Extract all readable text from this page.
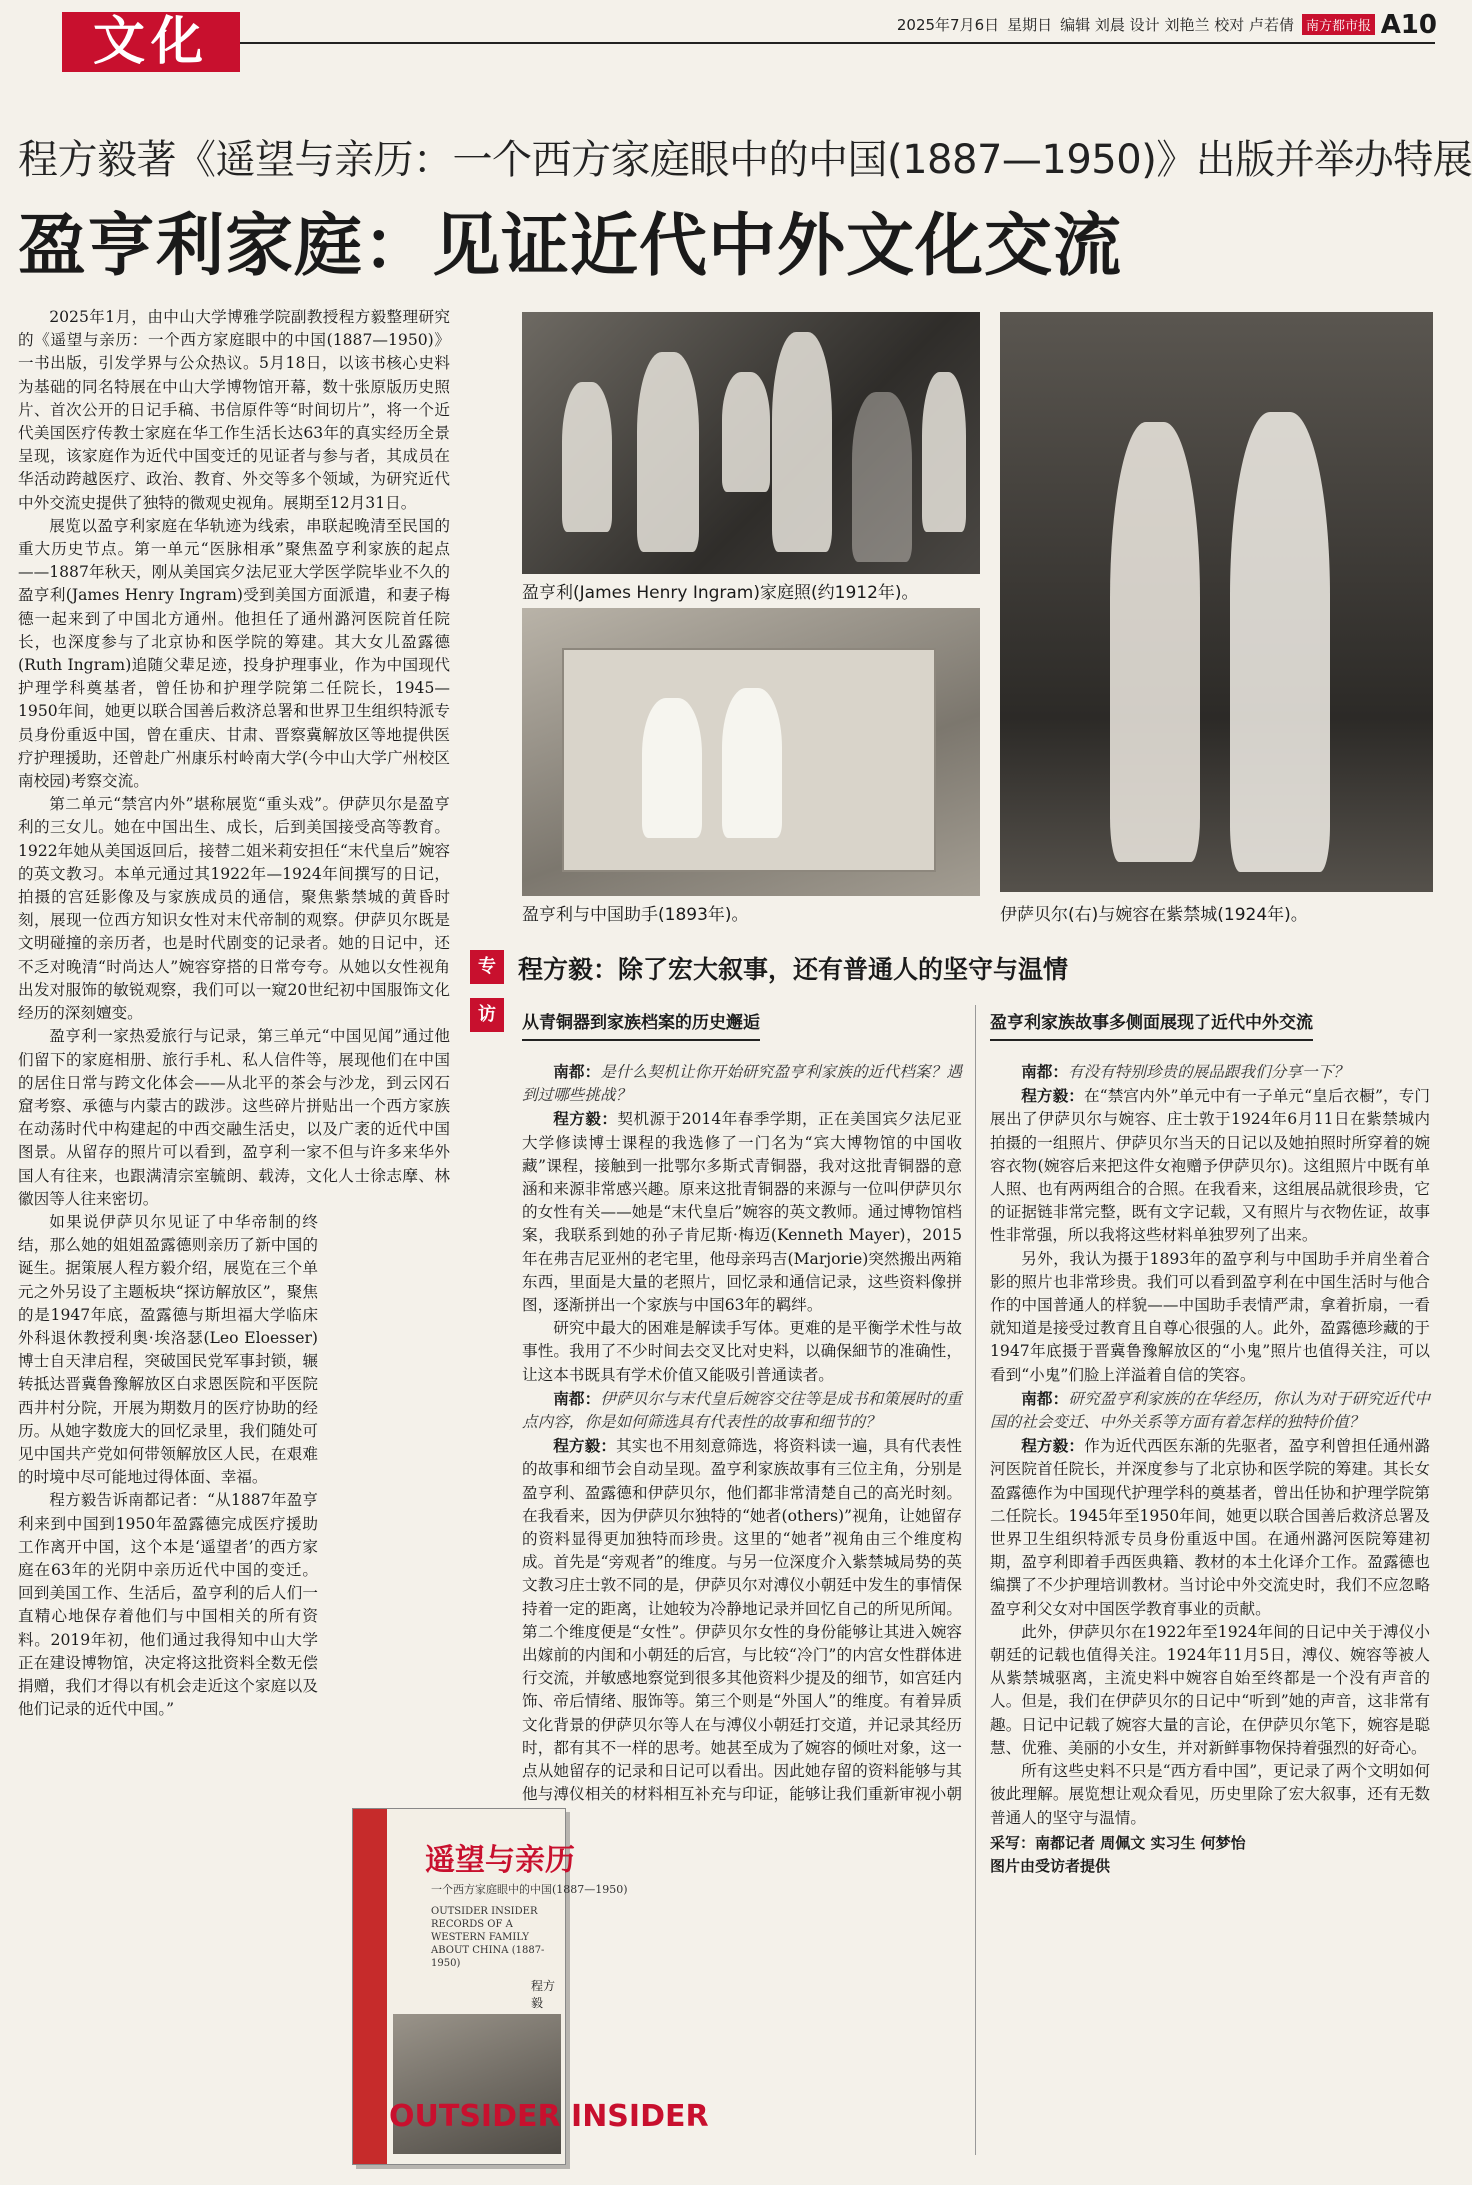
文化	2025年7月6日 星期日 编辑 刘晨 设计 刘艳兰 校对 卢若倩 南方都市报 A10
程方毅著《遥望与亲历：一个西方家庭眼中的中国(1887—1950)》出版并举办特展
盈亨利家庭：见证近代中外文化交流

2025年1月，由中山大学博雅学院副教授程方毅整理研究的《遥望与亲历：一个西方家庭眼中的中国(1887—1950)》一书出版，引发学界与公众热议。5月18日，以该书核心史料为基础的同名特展在中山大学博物馆开幕，数十张原版历史照片、首次公开的日记手稿、书信原件等“时间切片”，将一个近代美国医疗传教士家庭在华工作生活长达63年的真实经历全景呈现，该家庭作为近代中国变迁的见证者与参与者，其成员在华活动跨越医疗、政治、教育、外交等多个领域，为研究近代中外交流史提供了独特的微观史视角。展期至12月31日。

展览以盈亨利家庭在华轨迹为线索，串联起晚清至民国的重大历史节点。第一单元“医脉相承”聚焦盈亨利家族的起点——1887年秋天，刚从美国宾夕法尼亚大学医学院毕业不久的盈亨利(James Henry Ingram)受到美国方面派遣，和妻子梅德一起来到了中国北方通州。他担任了通州潞河医院首任院长，也深度参与了北京协和医学院的筹建。其大女儿盈露德(Ruth Ingram)追随父辈足迹，投身护理事业，作为中国现代护理学科奠基者，曾任协和护理学院第二任院长，1945—1950年间，她更以联合国善后救济总署和世界卫生组织特派专员身份重返中国，曾在重庆、甘肃、晋察冀解放区等地提供医疗护理援助，还曾赴广州康乐村岭南大学(今中山大学广州校区南校园)考察交流。

第二单元“禁宫内外”堪称展览“重头戏”。伊萨贝尔是盈亨利的三女儿。她在中国出生、成长，后到美国接受高等教育。1922年她从美国返回后，接替二姐米莉安担任“末代皇后”婉容的英文教习。本单元通过其1922年—1924年间撰写的日记，拍摄的宫廷影像及与家族成员的通信，聚焦紫禁城的黄昏时刻，展现一位西方知识女性对末代帝制的观察。伊萨贝尔既是文明碰撞的亲历者，也是时代剧变的记录者。她的日记中，还不乏对晚清“时尚达人”婉容穿搭的日常夸夸。从她以女性视角出发对服饰的敏锐观察，我们可以一窥20世纪初中国服饰文化经历的深刻嬗变。

盈亨利一家热爱旅行与记录，第三单元“中国见闻”通过他们留下的家庭相册、旅行手札、私人信件等，展现他们在中国的居住日常与跨文化体会——从北平的茶会与沙龙，到云冈石窟考察、承德与内蒙古的跋涉。这些碎片拼贴出一个西方家族在动荡时代中构建起的中西交融生活史，以及广袤的近代中国图景。从留存的照片可以看到，盈亨利一家不但与许多来华外国人有往来，也跟满清宗室毓朗、载涛，文化人士徐志摩、林徽因等人往来密切。

如果说伊萨贝尔见证了中华帝制的终结，那么她的姐姐盈露德则亲历了新中国的诞生。据策展人程方毅介绍，展览在三个单元之外另设了主题板块“探访解放区”，聚焦的是1947年底，盈露德与斯坦福大学临床外科退休教授利奥·埃洛瑟(Leo Eloesser)博士自天津启程，突破国民党军事封锁，辗转抵达晋冀鲁豫解放区白求恩医院和平医院西井村分院，开展为期数月的医疗协助的经历。从她字数庞大的回忆录里，我们随处可见中国共产党如何带领解放区人民，在艰难的时境中尽可能地过得体面、幸福。

程方毅告诉南都记者：“从1887年盈亨利来到中国到1950年盈露德完成医疗援助工作离开中国，这个本是‘遥望者’的西方家庭在63年的光阴中亲历近代中国的变迁。回到美国工作、生活后，盈亨利的后人们一直精心地保存着他们与中国相关的所有资料。2019年初，他们通过我得知中山大学正在建设博物馆，决定将这批资料全数无偿捐赠，我们才得以有机会走近这个家庭以及他们记录的近代中国。”

盈亨利(James Henry Ingram)家庭照(约1912年)。
盈亨利与中国助手(1893年)。	伊萨贝尔(右)与婉容在紫禁城(1924年)。
专 程方毅：除了宏大叙事，还有普通人的坚守与温情
访	从青铜器到家族档案的历史邂逅	盈亨利家族故事多侧面展现了近代中外交流

南都：是什么契机让你开始研究盈亨利家族的近代档案？遇到过哪些挑战？

程方毅：契机源于2014年春季学期，正在美国宾夕法尼亚大学修读博士课程的我选修了一门名为“宾大博物馆的中国收藏”课程，接触到一批鄂尔多斯式青铜器，我对这批青铜器的意涵和来源非常感兴趣。原来这批青铜器的来源与一位叫伊萨贝尔的女性有关——她是“末代皇后”婉容的英文教师。通过博物馆档案，我联系到她的孙子肯尼斯·梅迈(Kenneth Mayer)，2015年在弗吉尼亚州的老宅里，他母亲玛吉(Marjorie)突然搬出两箱东西，里面是大量的老照片，回忆录和通信记录，这些资料像拼图，逐渐拼出一个家族与中国63年的羁绊。

研究中最大的困难是解读手写体。更难的是平衡学术性与故事性。我用了不少时间去交叉比对史料，以确保細节的准确性，让这本书既具有学术价值又能吸引普通读者。

南都：伊萨贝尔与末代皇后婉容交往等是成书和策展时的重点内容，你是如何筛选具有代表性的故事和细节的？

程方毅：其实也不用刻意筛选，将资料读一遍，具有代表性的故事和细节会自动呈现。盈亨利家族故事有三位主角，分别是盈亨利、盈露德和伊萨贝尔，他们都非常清楚自己的高光时刻。在我看来，因为伊萨贝尔独特的“她者(others)”视角，让她留存的资料显得更加独特而珍贵。这里的“她者”视角由三个维度构成。首先是“旁观者”的维度。与另一位深度介入紫禁城局势的英文教习庄士敦不同的是，伊萨贝尔对溥仪小朝廷中发生的事情保持着一定的距离，让她较为冷静地记录并回忆自己的所见所闻。第二个维度便是“女性”。伊萨贝尔女性的身份能够让其进入婉容出嫁前的内闺和小朝廷的后宫，与比较“冷门”的内宫女性群体进行交流，并敏感地察觉到很多其他资料少提及的细节，如宫廷内饰、帝后情绪、服饰等。第三个则是“外国人”的维度。有着异质文化背景的伊萨贝尔等人在与溥仪小朝廷打交道，并记录其经历时，都有其不一样的思考。她甚至成为了婉容的倾吐对象，这一点从她留存的记录和日记可以看出。因此她存留的资料能够与其他与溥仪相关的材料相互补充与印证，能够让我们重新审视小朝

南都：有没有特别珍贵的展品跟我们分享一下？

程方毅：在“禁宫内外”单元中有一子单元“皇后衣橱”，专门展出了伊萨贝尔与婉容、庄士敦于1924年6月11日在紫禁城内拍摄的一组照片、伊萨贝尔当天的日记以及她拍照时所穿着的婉容衣物(婉容后来把这件女袍赠予伊萨贝尔)。这组照片中既有单人照、也有两两组合的合照。在我看来，这组展品就很珍贵，它的证据链非常完整，既有文字记载，又有照片与衣物佐证，故事性非常强，所以我将这些材料单独罗列了出来。

另外，我认为摄于1893年的盈亨利与中国助手并肩坐着合影的照片也非常珍贵。我们可以看到盈亨利在中国生活时与他合作的中国普通人的样貌——中国助手表情严肃，拿着折扇，一看就知道是接受过教育且自尊心很强的人。此外，盈露德珍藏的于1947年底摄于晋冀鲁豫解放区的“小鬼”照片也值得关注，可以看到“小鬼”们脸上洋溢着自信的笑容。

南都：研究盈亨利家族的在华经历，你认为对于研究近代中国的社会变迁、中外关系等方面有着怎样的独特价值？

程方毅：作为近代西医东渐的先驱者，盈亨利曾担任通州潞河医院首任院长，并深度参与了北京协和医学院的筹建。其长女盈露德作为中国现代护理学科的奠基者，曾出任协和护理学院第二任院长。1945年至1950年间，她更以联合国善后救济总署及世界卫生组织特派专员身份重返中国。在通州潞河医院筹建初期，盈亨利即着手西医典籍、教材的本土化译介工作。盈露德也编撰了不少护理培训教材。当讨论中外交流史时，我们不应忽略盈亨利父女对中国医学教育事业的贡献。

此外，伊萨贝尔在1922年至1924年间的日记中关于溥仪小朝廷的记载也值得关注。1924年11月5日，溥仪、婉容等被人从紫禁城驱离，主流史料中婉容自始至终都是一个没有声音的人。但是，我们在伊萨贝尔的日记中“听到”她的声音，这非常有趣。日记中记载了婉容大量的言论，在伊萨贝尔笔下，婉容是聪慧、优雅、美丽的小女生，并对新鲜事物保持着强烈的好奇心。

所有这些史料不只是“西方看中国”，更记录了两个文明如何彼此理解。展览想让观众看见，历史里除了宏大叙事，还有无数普通人的坚守与温情。

采写：南都记者 周佩文 实习生 何梦怡
图片由受访者提供
遥望与亲历
一个西方家庭眼中的中国(1887—1950)
OUTSIDER INSIDER RECORDS OF A WESTERN FAMILY ABOUT CHINA (1887-1950)
程方毅
OUTSIDER INSIDER
